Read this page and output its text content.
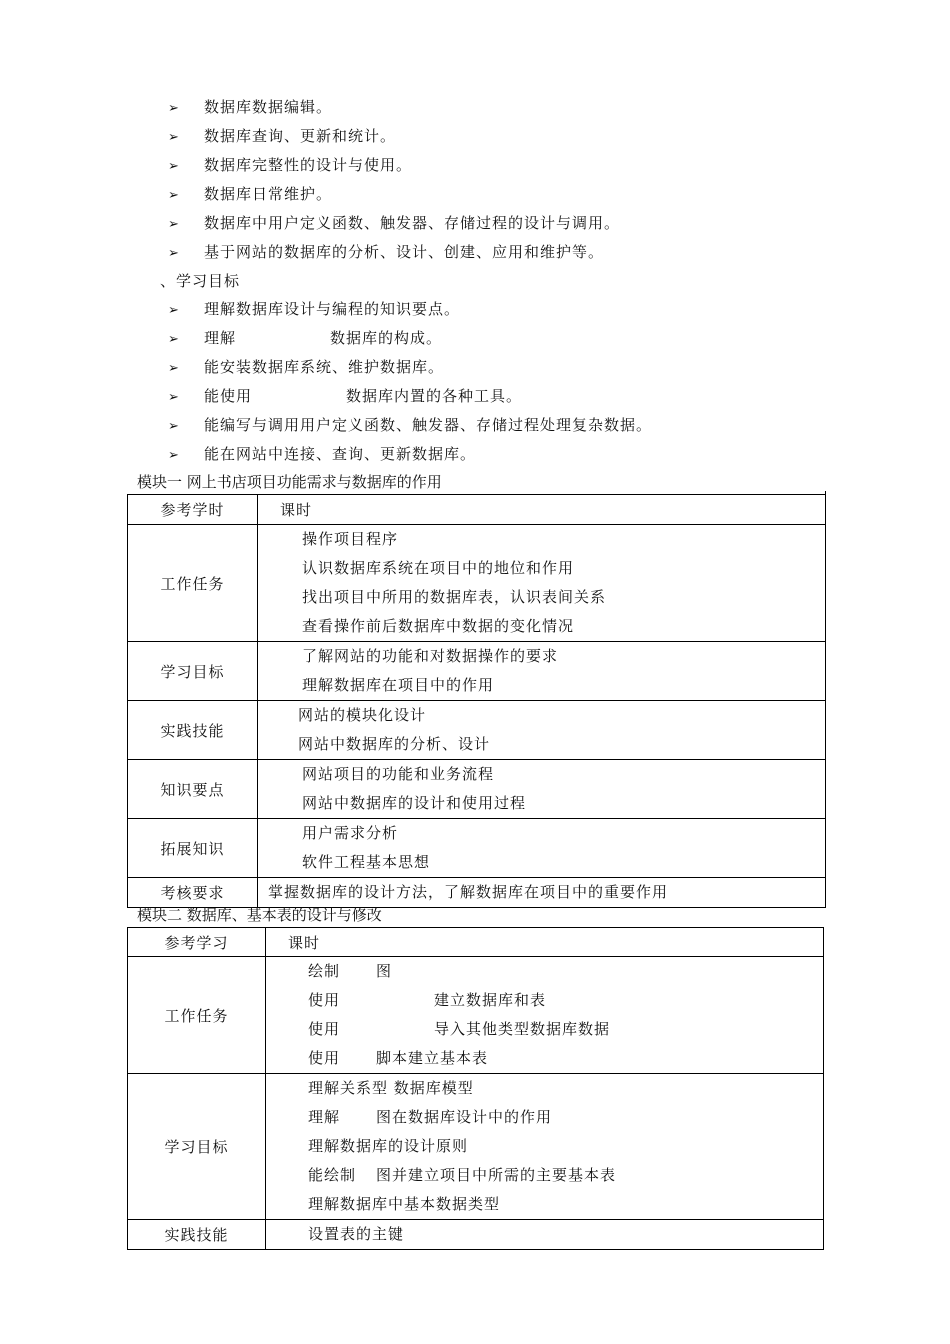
➢ 数据库数据编辑。
➢ 数据库查询、更新和统计。
➢ 数据库完整性的设计与使用。
➢ 数据库日常维护。
➢ 数据库中用户定义函数、触发器、存储过程的设计与调用。
➢ 基于网站的数据库的分析、设计、创建、应用和维护等。
、学习目标
➢ 理解数据库设计与编程的知识要点。
➢ 理解	数据库的构成。
➢ 能安装数据库系统、维护数据库。
➢ 能使用	数据库内置的各种工具。
➢ 能编写与调用用户定义函数、触发器、存储过程处理复杂数据。
➢ 能在网站中连接、查询、更新数据库。
模块一 网上书店项目功能需求与数据库的作用
参考学时	课时
工作任务	操作项目程序
认识数据库系统在项目中的地位和作用
找出项目中所用的数据库表，认识表间关系
查看操作前后数据库中数据的变化情况

学习目标	了解网站的功能和对数据操作的要求
理解数据库在项目中的作用

实践技能	网站的模块化设计
网站中数据库的分析、设计

知识要点	网站项目的功能和业务流程
网站中数据库的设计和使用过程

拓展知识	用户需求分析
软件工程基本思想

考核要求	掌握数据库的设计方法，了解数据库在项目中的重要作用
模块二 数据库、基本表的设计与修改
参考学习	课时
工作任务	绘制 图
使用 建立数据库和表
使用 导入其他类型数据库数据
使用 脚本建立基本表

学习目标	理解关系型 数据库模型
理解 图在数据库设计中的作用
理解数据库的设计原则
能绘制 图并建立项目中所需的主要基本表
理解数据库中基本数据类型

实践技能	设置表的主键
